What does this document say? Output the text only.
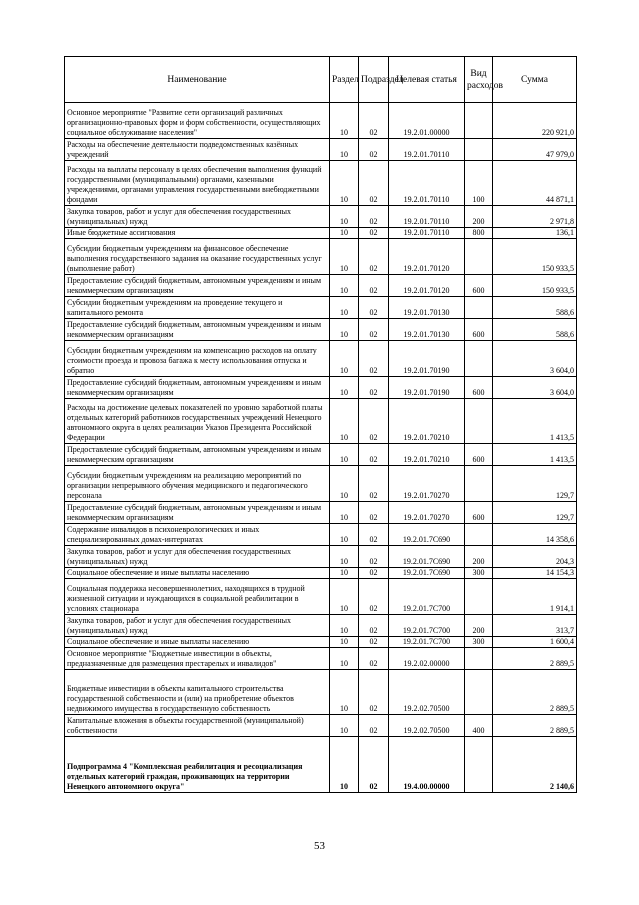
Наименование	Раздел	Подраздел	Целевая статья	Вид расходов	Сумма
Основное мероприятие "Развитие сети организаций различных организационно-правовых форм и форм собственности, осуществляющих социальное обслуживание населения"	10	02	19.2.01.00000		220 921,0
Расходы на обеспечение деятельности подведомственных казённых учреждений	10	02	19.2.01.70110		47 979,0
Расходы на выплаты персоналу в целях обеспечения выполнения функций государственными (муниципальными) органами, казенными учреждениями, органами управления государственными внебюджетными фондами	10	02	19.2.01.70110	100	44 871,1
Закупка товаров, работ и услуг для обеспечения государственных (муниципальных) нужд	10	02	19.2.01.70110	200	2 971,8
Иные бюджетные ассигнования	10	02	19.2.01.70110	800	136,1
Субсидии бюджетным учреждениям на финансовое обеспечение выполнения государственного задания на оказание государственных услуг (выполнение работ)	10	02	19.2.01.70120		150 933,5
Предоставление субсидий бюджетным, автономным учреждениям и иным некоммерческим организациям	10	02	19.2.01.70120	600	150 933,5
Субсидии бюджетным учреждениям на проведение текущего и капитального ремонта	10	02	19.2.01.70130		588,6
Предоставление субсидий бюджетным, автономным учреждениям и иным некоммерческим организациям	10	02	19.2.01.70130	600	588,6
Субсидии бюджетным учреждениям на компенсацию расходов на оплату стоимости проезда и провоза багажа к месту использования отпуска и обратно	10	02	19.2.01.70190		3 604,0
Предоставление субсидий бюджетным, автономным учреждениям и иным некоммерческим организациям	10	02	19.2.01.70190	600	3 604,0
Расходы на достижение целевых показателей по уровню заработной платы отдельных категорий работников государственных учреждений Ненецкого автономного округа в целях реализации Указов Президента Российской Федерации	10	02	19.2.01.70210		1 413,5
Предоставление субсидий бюджетным, автономным учреждениям и иным некоммерческим организациям	10	02	19.2.01.70210	600	1 413,5
Субсидии бюджетным учреждениям на реализацию мероприятий по организации непрерывного обучения медицинского и педагогического персонала	10	02	19.2.01.70270		129,7
Предоставление субсидий бюджетным, автономным учреждениям и иным некоммерческим организациям	10	02	19.2.01.70270	600	129,7
Содержание инвалидов в психоневрологических и иных специализированных домах-интернатах	10	02	19.2.01.7С690		14 358,6
Закупка товаров, работ и услуг для обеспечения государственных (муниципальных) нужд	10	02	19.2.01.7С690	200	204,3
Социальное обеспечение и иные выплаты населению	10	02	19.2.01.7С690	300	14 154,3
Социальная поддержка несовершеннолетних, находящихся в трудной жизненной ситуации и нуждающихся в социальной реабилитации в условиях стационара	10	02	19.2.01.7С700		1 914,1
Закупка товаров, работ и услуг для обеспечения государственных (муниципальных) нужд	10	02	19.2.01.7С700	200	313,7
Социальное обеспечение и иные выплаты населению	10	02	19.2.01.7С700	300	1 600,4
Основное мероприятие "Бюджетные инвестиции в объекты, предназначенные для размещения престарелых и инвалидов"	10	02	19.2.02.00000		2 889,5
Бюджетные инвестиции в объекты капитального строительства государственной собственности и (или) на приобретение объектов недвижимого имущества в государственную собственность	10	02	19.2.02.70500		2 889,5
Капитальные вложения в объекты государственной (муниципальной) собственности	10	02	19.2.02.70500	400	2 889,5
Подпрограмма 4 "Комплексная реабилитация и ресоциализация отдельных категорий граждан, проживающих на территории Ненецкого автономного округа"	10	02	19.4.00.00000		2 140,6
53
